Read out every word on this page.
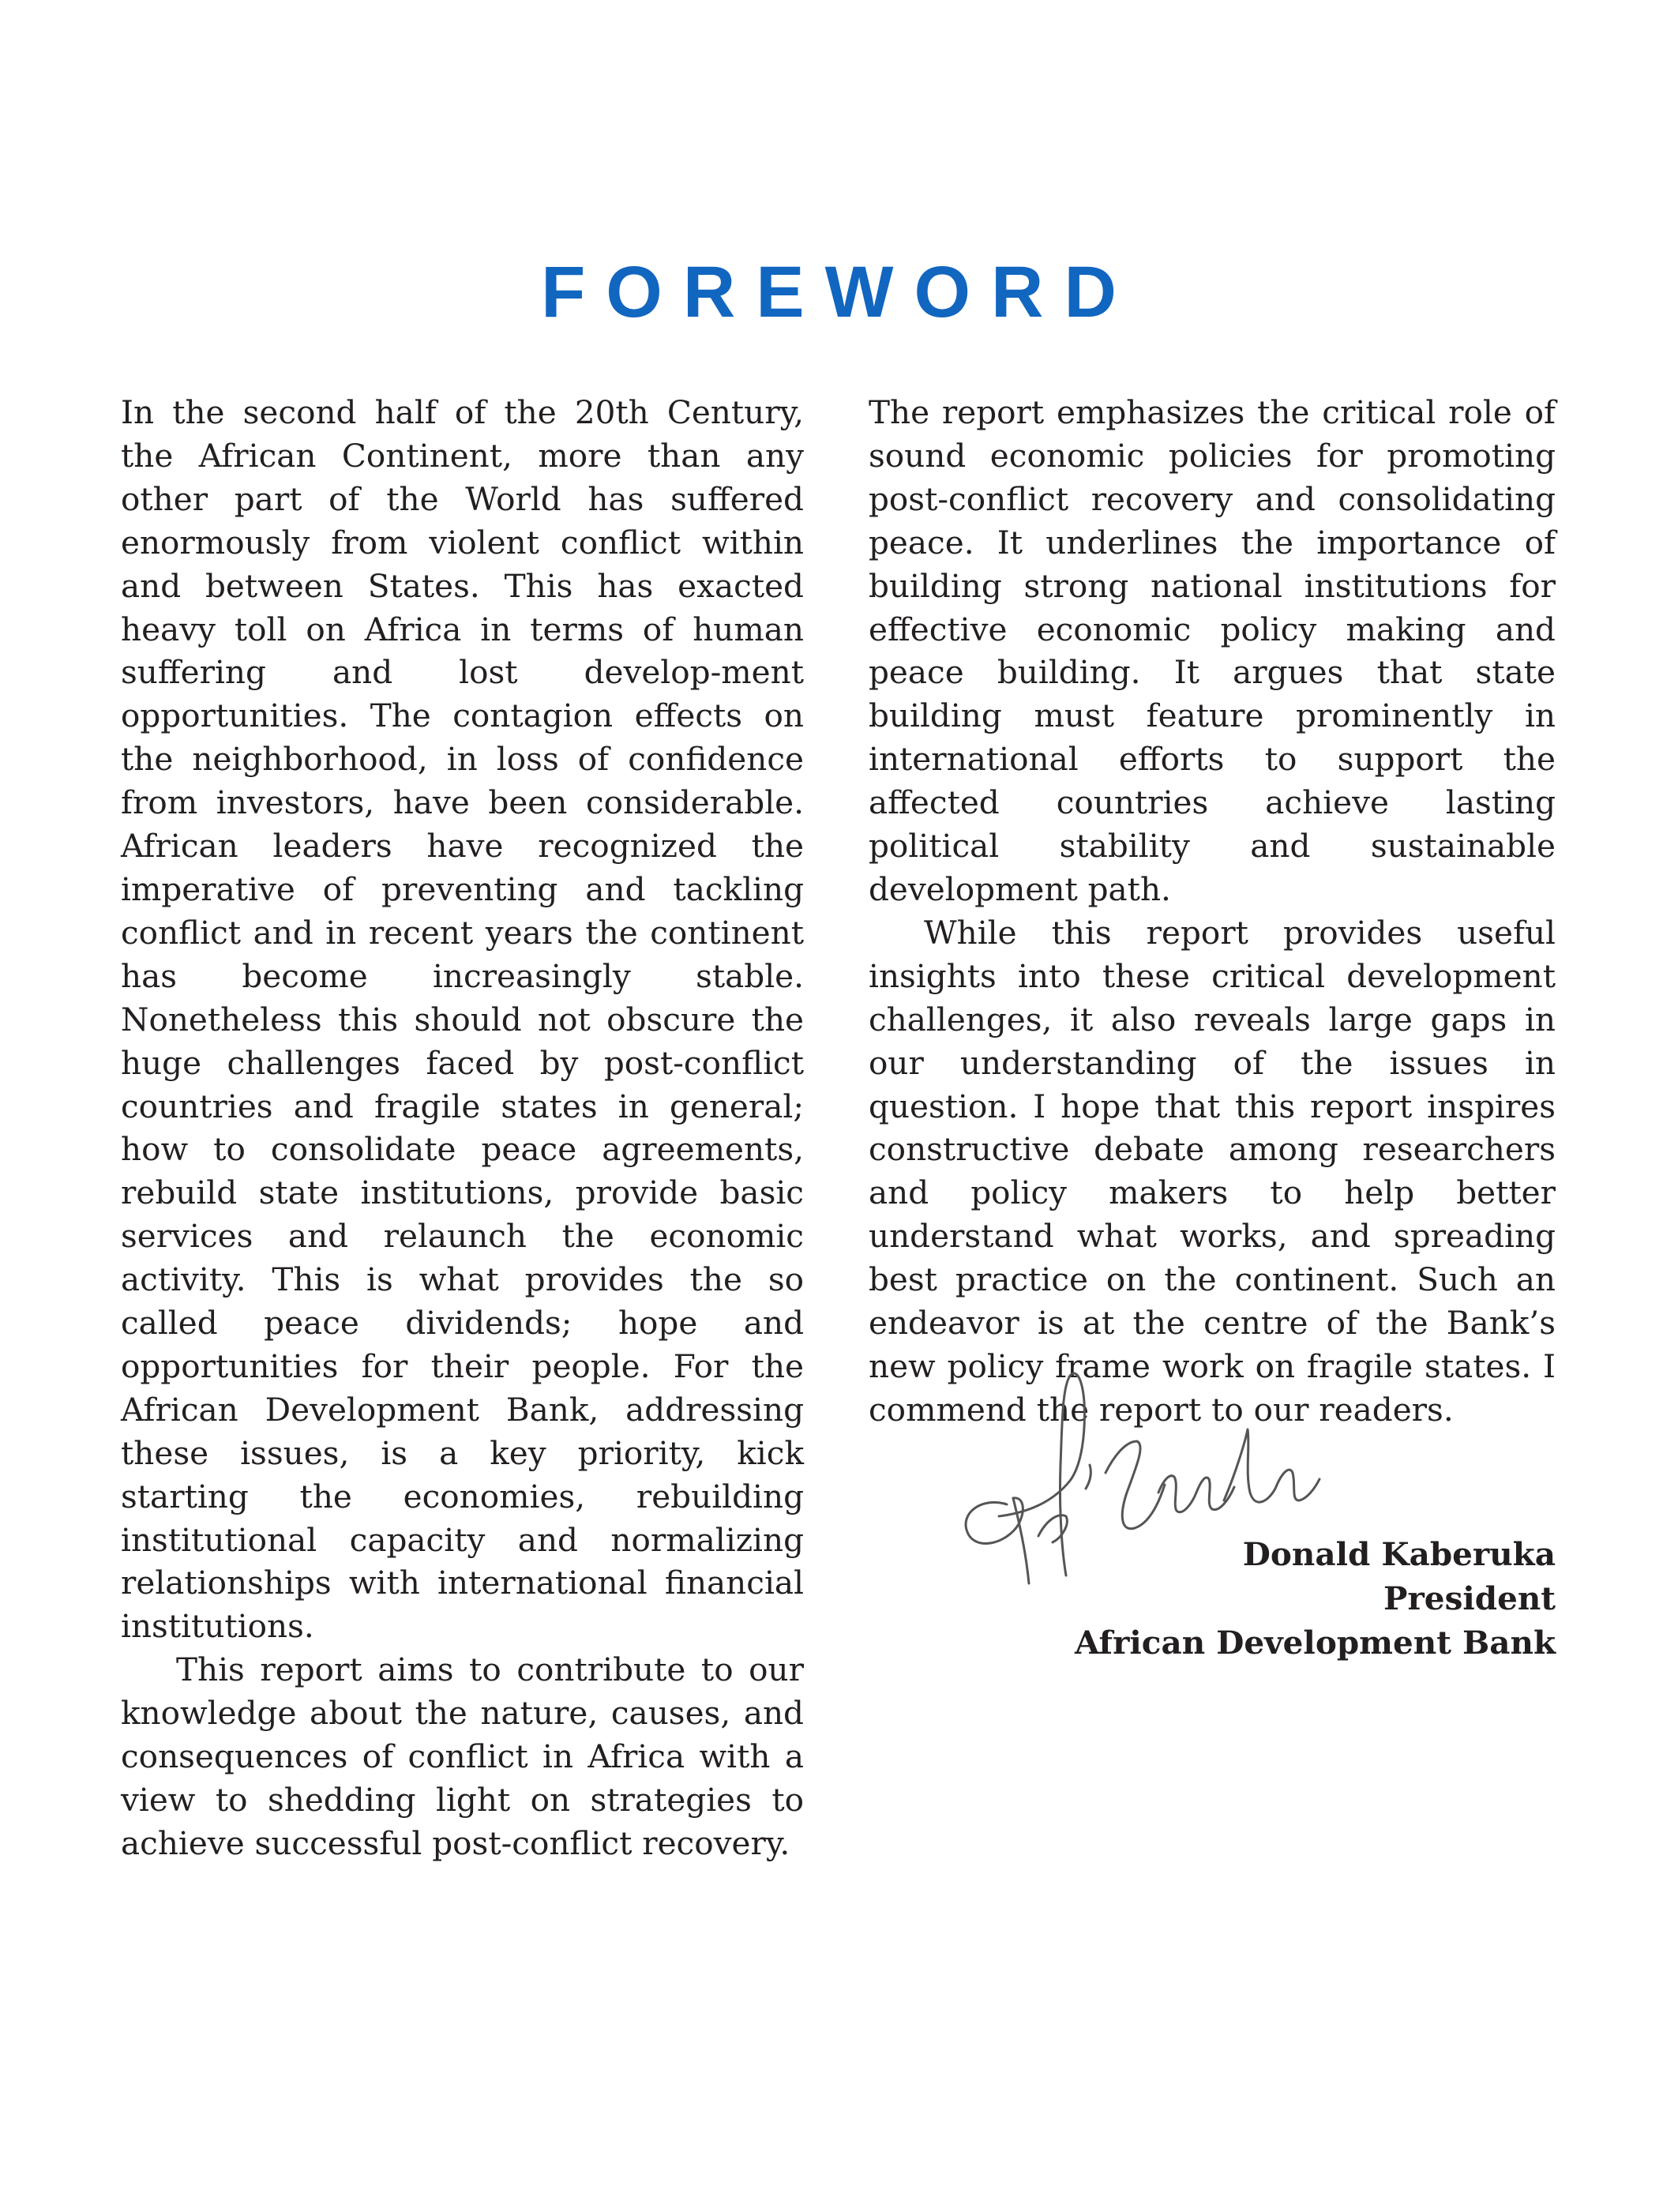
FOREWORD

In the second half of the 20th Century, the African Continent, more than any other part of the World has suffered enormously from violent conflict within and between States. This has exacted heavy toll on Africa in terms of human suffering and lost develop-ment opportunities. The contagion effects on the neighborhood, in loss of confidence from investors, have been considerable. African leaders have recognized the imperative of preventing and tackling conflict and in recent years the continent has become increasingly stable. Nonetheless this should not obscure the huge challenges faced by post-conflict countries and fragile states in general; how to consolidate peace agreements, rebuild state institutions, provide basic services and relaunch the economic activity. This is what provides the so called peace dividends; hope and opportunities for their people. For the African Development Bank, addressing these issues, is a key priority, kick starting the economies, rebuilding institutional capacity and normalizing relationships with international financial institutions.

This report aims to contribute to our knowledge about the nature, causes, and consequences of conflict in Africa with a view to shedding light on strategies to achieve successful post-conflict recovery.

The report emphasizes the critical role of sound economic policies for promoting post-conflict recovery and consolidating peace. It underlines the importance of building strong national institutions for effective economic policy making and peace building. It argues that state building must feature prominently in international efforts to support the affected countries achieve lasting political stability and sustainable development path.

While this report provides useful insights into these critical development challenges, it also reveals large gaps in our understanding of the issues in question. I hope that this report inspires constructive debate among researchers and policy makers to help better understand what works, and spreading best practice on the continent. Such an endeavor is at the centre of the Bank’s new policy frame work on fragile states. I commend the report to our readers.

Donald Kaberuka
President
African Development Bank
